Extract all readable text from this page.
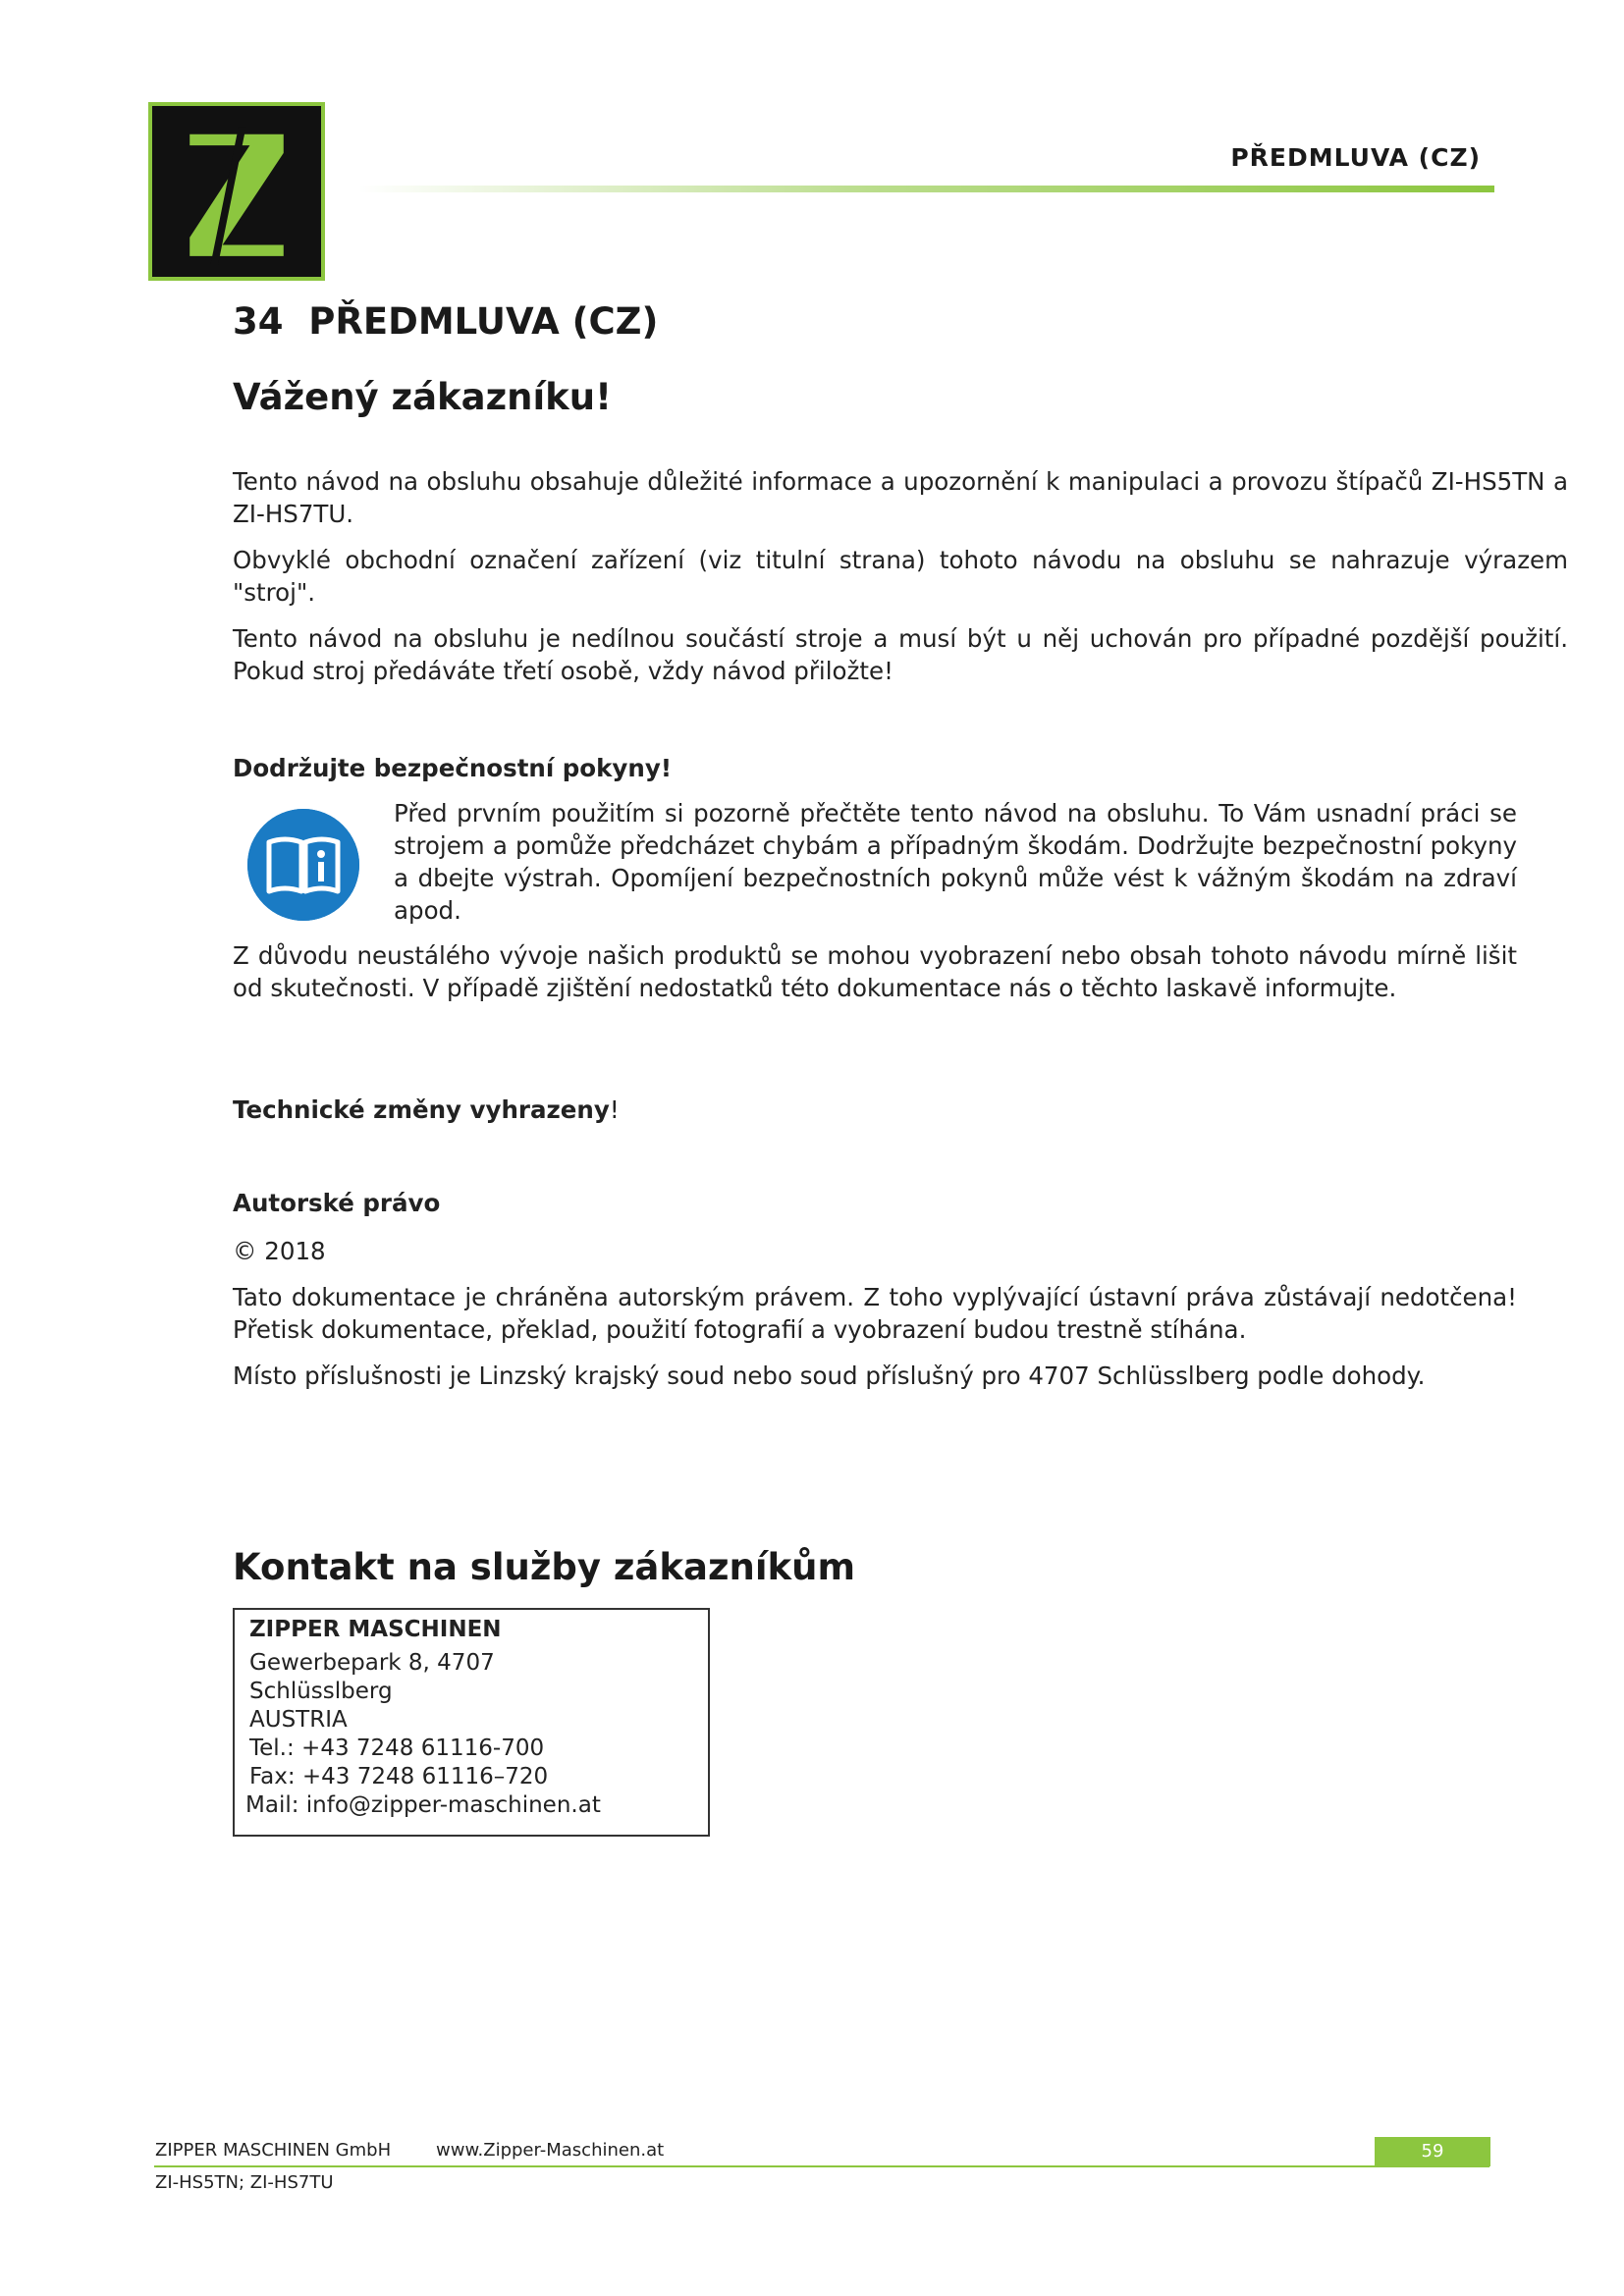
PŘEDMLUVA (CZ)
34  PŘEDMLUVA (CZ)
Vážený zákazníku!
Tento návod na obsluhu obsahuje důležité informace a upozornění k manipulaci a provozu štípačů ZI-HS5TN a ZI-HS7TU.
Obvyklé obchodní označení zařízení (viz titulní strana) tohoto návodu na obsluhu se nahrazuje výrazem "stroj".
Tento návod na obsluhu je nedílnou součástí stroje a musí být u něj uchován pro případné pozdější použití. Pokud stroj předáváte třetí osobě, vždy návod přiložte!
Dodržujte bezpečnostní pokyny!
Před prvním použitím si pozorně přečtěte tento návod na obsluhu. To Vám usnadní práci se strojem a pomůže předcházet chybám a případným škodám. Dodržujte bezpečnostní pokyny a dbejte výstrah. Opomíjení bezpečnostních pokynů může vést k vážným škodám na zdraví apod.
Z důvodu neustálého vývoje našich produktů se mohou vyobrazení nebo obsah tohoto návodu mírně lišit od skutečnosti. V případě zjištění nedostatků této dokumentace nás o těchto laskavě informujte.
Technické změny vyhrazeny!
Autorské právo
© 2018
Tato dokumentace je chráněna autorským právem. Z toho vyplývající ústavní práva zůstávají nedotčena! Přetisk dokumentace, překlad, použití fotografií a vyobrazení budou trestně stíhána.
Místo příslušnosti je Linzský krajský soud nebo soud příslušný pro 4707 Schlüsslberg podle dohody.
Kontakt na služby zákazníkům
ZIPPER MASCHINEN
Gewerbepark 8, 4707
Schlüsslberg
AUSTRIA
Tel.: +43 7248 61116-700
Fax: +43 7248 61116–720
Mail: info@zipper-maschinen.at
ZIPPER MASCHINEN GmbH	www.Zipper-Maschinen.at
ZI-HS5TN; ZI-HS7TU
59
